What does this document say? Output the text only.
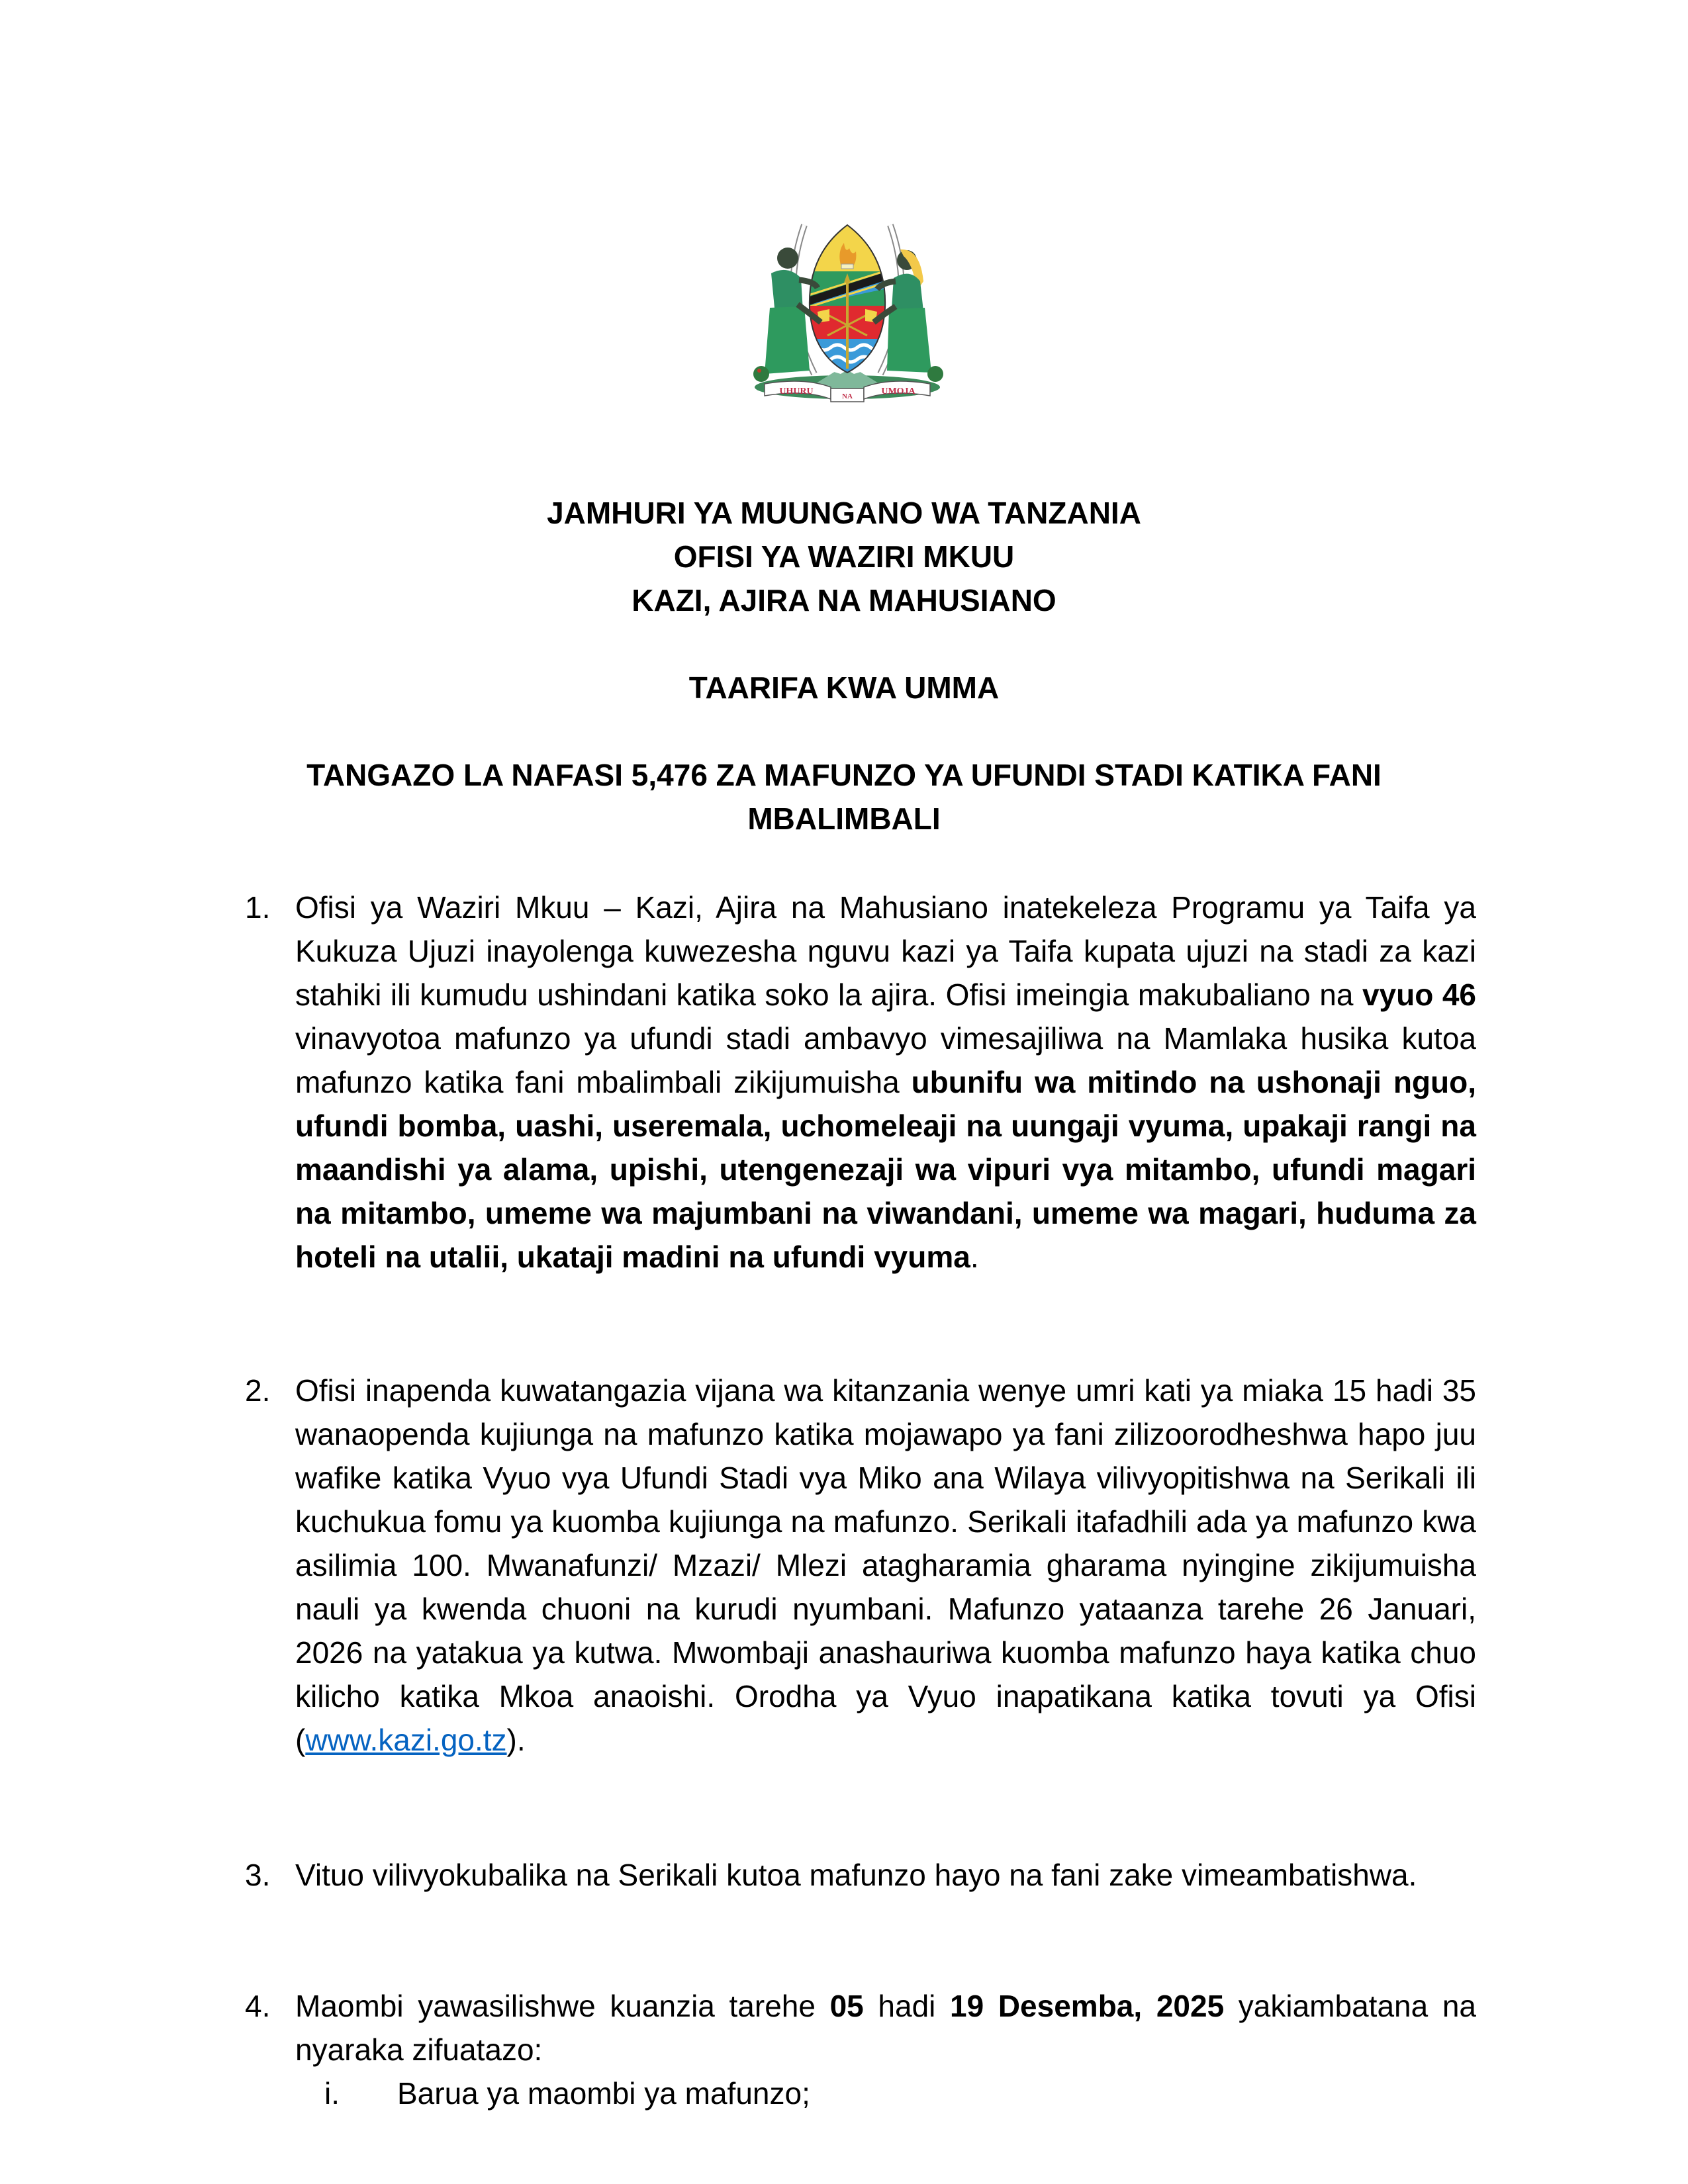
UHURU	NA	UMOJA
JAMHURI YA MUUNGANO WA TANZANIA
OFISI YA WAZIRI MKUU
KAZI, AJIRA NA MAHUSIANO
TAARIFA KWA UMMA
TANGAZO LA NAFASI 5,476 ZA MAFUNZO YA UFUNDI STADI KATIKA FANI MBALIMBALI

1. Ofisi ya Waziri Mkuu – Kazi, Ajira na Mahusiano inatekeleza Programu ya Taifa ya Kukuza Ujuzi inayolenga kuwezesha nguvu kazi ya Taifa kupata ujuzi na stadi za kazi stahiki ili kumudu ushindani katika soko la ajira. Ofisi imeingia makubaliano na vyuo 46 vinavyotoa mafunzo ya ufundi stadi ambavyo vimesajiliwa na Mamlaka husika kutoa mafunzo katika fani mbalimbali zikijumuisha ubunifu wa mitindo na ushonaji nguo, ufundi bomba, uashi, useremala, uchomeleaji na uungaji vyuma, upakaji rangi na maandishi ya alama, upishi, utengenezaji wa vipuri vya mitambo, ufundi magari na mitambo, umeme wa majumbani na viwandani, umeme wa magari, huduma za hoteli na utalii, ukataji madini na ufundi vyuma.

2. Ofisi inapenda kuwatangazia vijana wa kitanzania wenye umri kati ya miaka 15 hadi 35 wanaopenda kujiunga na mafunzo katika mojawapo ya fani zilizoorodheshwa hapo juu wafike katika Vyuo vya Ufundi Stadi vya Miko ana Wilaya vilivyopitishwa na Serikali ili kuchukua fomu ya kuomba kujiunga na mafunzo. Serikali itafadhili ada ya mafunzo kwa asilimia 100. Mwanafunzi/ Mzazi/ Mlezi atagharamia gharama nyingine zikijumuisha nauli ya kwenda chuoni na kurudi nyumbani. Mafunzo yataanza tarehe 26 Januari, 2026 na yatakua ya kutwa. Mwombaji anashauriwa kuomba mafunzo haya katika chuo kilicho katika Mkoa anaoishi. Orodha ya Vyuo inapatikana katika tovuti ya Ofisi (www.kazi.go.tz).

3. Vituo vilivyokubalika na Serikali kutoa mafunzo hayo na fani zake vimeambatishwa.

4. Maombi yawasilishwe kuanzia tarehe 05 hadi 19 Desemba, 2025 yakiambatana na nyaraka zifuatazo:

i. Barua ya maombi ya mafunzo;
